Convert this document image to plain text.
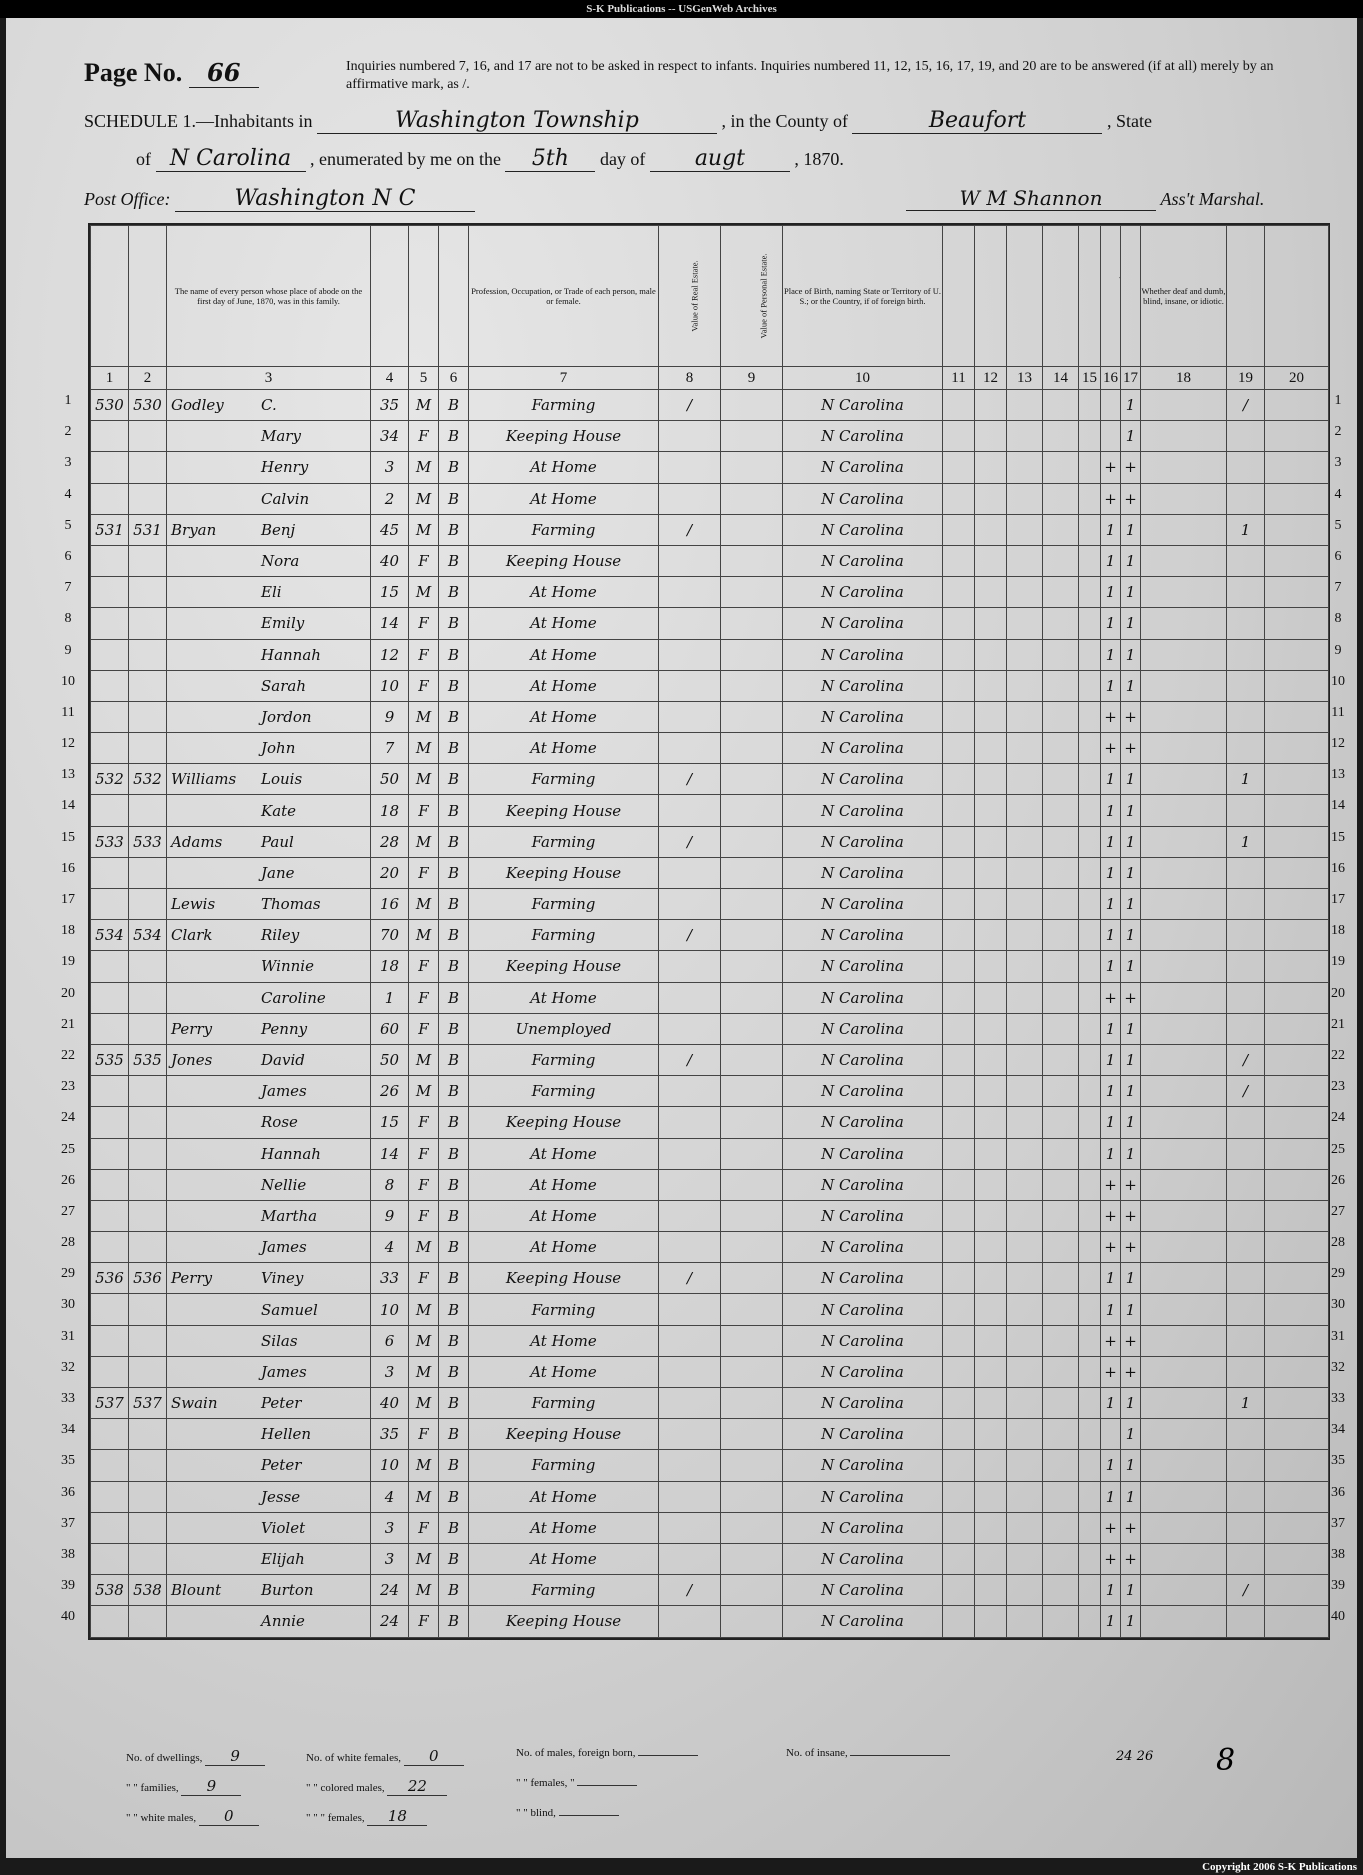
S-K Publications -- USGenWeb Archives
Page No. 66	Inquiries numbered 7, 16, and 17 are not to be asked in respect to infants. Inquiries numbered 11, 12, 15, 16, 17, 19, and 20 are to be answered (if at all) merely by an affirmative mark, as /.
SCHEDULE 1.—Inhabitants in	Washington Township	, in the County of	Beaufort	, State
of N Carolina , enumerated by me on the 5th day of augt	, 1870.
Post Office:	Washington N C	W M Shannon	Ass't Marshal.
		The name of every person whose place of abode on the first day of June, 1870, was in this family.				Profession, Occupation, or Trade of each person, male or female.	Value of Real Estate.	Value of Personal Estate.	Place of Birth, naming State or Territory of U. S.; or the Country, if of foreign birth.						Cannot read.		Whether deaf and dumb, blind, insane, or idiotic.		
1	2	3	4	5	6	7	8	9	10	11	12	13	14	15	16	17	18	19	20
530	530	Godley C.	35	M	B	Farming	/		N Carolina							1		/	
		Mary	34	F	B	Keeping House			N Carolina							1			
		Henry	3	M	B	At Home			N Carolina						+	+			
		Calvin	2	M	B	At Home			N Carolina						+	+			
531	531	Bryan Benj	45	M	B	Farming	/		N Carolina						1	1		1	
		Nora	40	F	B	Keeping House			N Carolina						1	1			
		Eli	15	M	B	At Home			N Carolina						1	1			
		Emily	14	F	B	At Home			N Carolina						1	1			
		Hannah	12	F	B	At Home			N Carolina						1	1			
		Sarah	10	F	B	At Home			N Carolina						1	1			
		Jordon	9	M	B	At Home			N Carolina						+	+			
		John	7	M	B	At Home			N Carolina						+	+			
532	532	Williams Louis	50	M	B	Farming	/		N Carolina						1	1		1	
		Kate	18	F	B	Keeping House			N Carolina						1	1			
533	533	Adams Paul	28	M	B	Farming	/		N Carolina						1	1		1	
		Jane	20	F	B	Keeping House			N Carolina						1	1			
		Lewis Thomas	16	M	B	Farming			N Carolina						1	1			
534	534	Clark Riley	70	M	B	Farming	/		N Carolina						1	1			
		Winnie	18	F	B	Keeping House			N Carolina						1	1			
		Caroline	1	F	B	At Home			N Carolina						+	+			
		Perry Penny	60	F	B	Unemployed			N Carolina						1	1			
535	535	Jones David	50	M	B	Farming	/		N Carolina						1	1		/	
		James	26	M	B	Farming			N Carolina						1	1		/	
		Rose	15	F	B	Keeping House			N Carolina						1	1			
		Hannah	14	F	B	At Home			N Carolina						1	1			
		Nellie	8	F	B	At Home			N Carolina						+	+			
		Martha	9	F	B	At Home			N Carolina						+	+			
		James	4	M	B	At Home			N Carolina						+	+			
536	536	Perry Viney	33	F	B	Keeping House	/		N Carolina						1	1			
		Samuel	10	M	B	Farming			N Carolina						1	1			
		Silas	6	M	B	At Home			N Carolina						+	+			
		James	3	M	B	At Home			N Carolina						+	+			
537	537	Swain Peter	40	M	B	Farming			N Carolina						1	1		1	
		Hellen	35	F	B	Keeping House			N Carolina							1			
		Peter	10	M	B	Farming			N Carolina						1	1			
		Jesse	4	M	B	At Home			N Carolina						1	1			
		Violet	3	F	B	At Home			N Carolina						+	+			
		Elijah	3	M	B	At Home			N Carolina						+	+			
538	538	Blount Burton	24	M	B	Farming	/		N Carolina						1	1		/	
		Annie	24	F	B	Keeping House			N Carolina						1	1			
No. of dwellings, 9
" " families, 9
" " white males, 0
No. of white females, 0
" " colored males, 22
" " " females, 18
No. of males, foreign born,
" " females, "
" " blind,
No. of insane,	24 26 8
1	1
2	2
3	3
4	4
5	5
6	6
7	7
8	8
9	9
10	10
11	11
12	12
13	13
14	14
15	15
16	16
17	17
18	18
19	19
20	20
21	21
22	22
23	23
24	24
25	25
26	26
27	27
28	28
29	29
30	30
31	31
32	32
33	33
34	34
35	35
36	36
37	37
38	38
39	39
40	40
Copyright 2006 S-K Publications
